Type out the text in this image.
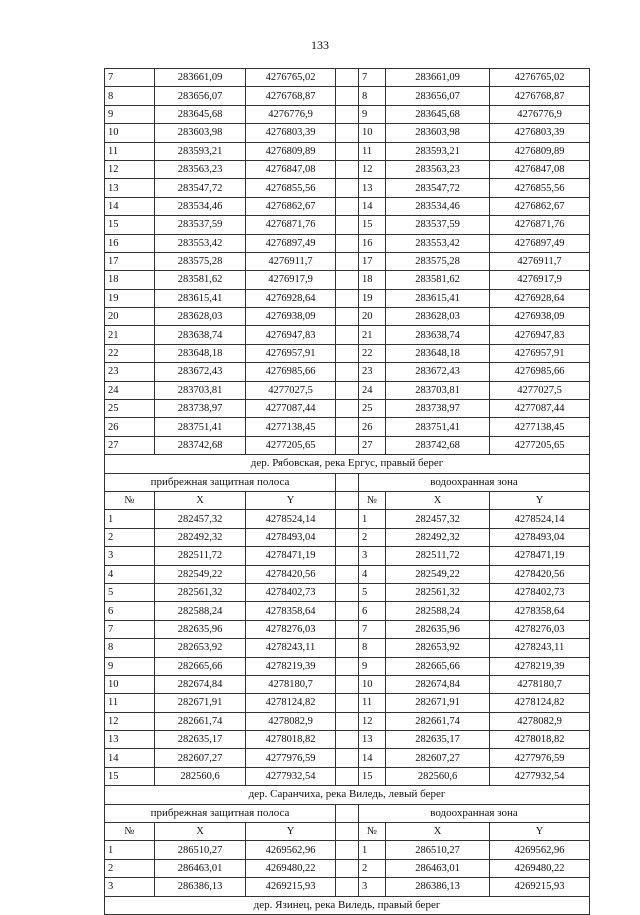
133
7	283661,09	4276765,02		7	283661,09	4276765,02
8	283656,07	4276768,87		8	283656,07	4276768,87
9	283645,68	4276776,9		9	283645,68	4276776,9
10	283603,98	4276803,39		10	283603,98	4276803,39
11	283593,21	4276809,89		11	283593,21	4276809,89
12	283563,23	4276847,08		12	283563,23	4276847,08
13	283547,72	4276855,56		13	283547,72	4276855,56
14	283534,46	4276862,67		14	283534,46	4276862,67
15	283537,59	4276871,76		15	283537,59	4276871,76
16	283553,42	4276897,49		16	283553,42	4276897,49
17	283575,28	4276911,7		17	283575,28	4276911,7
18	283581,62	4276917,9		18	283581,62	4276917,9
19	283615,41	4276928,64		19	283615,41	4276928,64
20	283628,03	4276938,09		20	283628,03	4276938,09
21	283638,74	4276947,83		21	283638,74	4276947,83
22	283648,18	4276957,91		22	283648,18	4276957,91
23	283672,43	4276985,66		23	283672,43	4276985,66
24	283703,81	4277027,5		24	283703,81	4277027,5
25	283738,97	4277087,44		25	283738,97	4277087,44
26	283751,41	4277138,45		26	283751,41	4277138,45
27	283742,68	4277205,65		27	283742,68	4277205,65
дер. Рябовская, река Ергус, правый берег						
прибрежная защитная полоса				водоохранная зона		
№	X	Y		№	X	Y
1	282457,32	4278524,14		1	282457,32	4278524,14
2	282492,32	4278493,04		2	282492,32	4278493,04
3	282511,72	4278471,19		3	282511,72	4278471,19
4	282549,22	4278420,56		4	282549,22	4278420,56
5	282561,32	4278402,73		5	282561,32	4278402,73
6	282588,24	4278358,64		6	282588,24	4278358,64
7	282635,96	4278276,03		7	282635,96	4278276,03
8	282653,92	4278243,11		8	282653,92	4278243,11
9	282665,66	4278219,39		9	282665,66	4278219,39
10	282674,84	4278180,7		10	282674,84	4278180,7
11	282671,91	4278124,82		11	282671,91	4278124,82
12	282661,74	4278082,9		12	282661,74	4278082,9
13	282635,17	4278018,82		13	282635,17	4278018,82
14	282607,27	4277976,59		14	282607,27	4277976,59
15	282560,6	4277932,54		15	282560,6	4277932,54
дер. Саранчиха, река Виледь, левый берег						
прибрежная защитная полоса				водоохранная зона		
№	X	Y		№	X	Y
1	286510,27	4269562,96		1	286510,27	4269562,96
2	286463,01	4269480,22		2	286463,01	4269480,22
3	286386,13	4269215,93		3	286386,13	4269215,93
дер. Язинец, река Виледь, правый берег						
